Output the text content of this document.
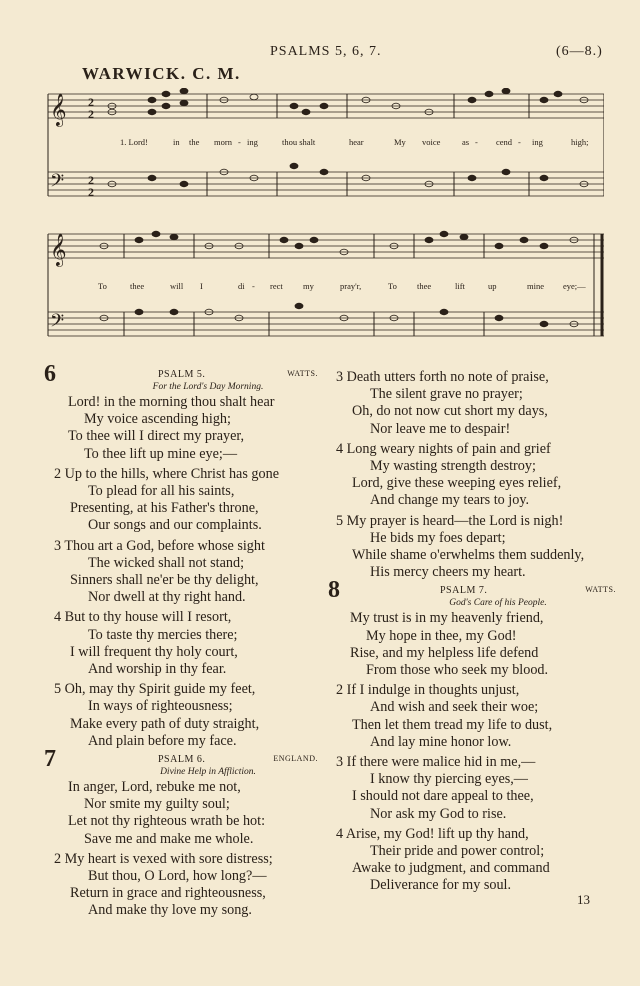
PSALMS 5, 6, 7.	(6—8.)
WARWICK. C. M.
𝄞
𝄢
2
2
2
2
1. Lord!	in the morn - ing	thou shalt	hear	My voice	as - cend - ing	high;
𝄞
𝄢
To	thee	will I	di - rect my	pray'r,	To thee	lift	up	mine eye;—
6	PSALM 5.	WATTS.
For the Lord's Day Morning.
Lord! in the morning thou shalt hear
My voice ascending high;
To thee will I direct my prayer,
To thee lift up mine eye;—
2 Up to the hills, where Christ has gone
To plead for all his saints,
Presenting, at his Father's throne,
Our songs and our complaints.
3 Thou art a God, before whose sight
The wicked shall not stand;
Sinners shall ne'er be thy delight,
Nor dwell at thy right hand.
4 But to thy house will I resort,
To taste thy mercies there;
I will frequent thy holy court,
And worship in thy fear.
5 Oh, may thy Spirit guide my feet,
In ways of righteousness;
Make every path of duty straight,
And plain before my face.
7	PSALM 6.	ENGLAND.
Divine Help in Affliction.
In anger, Lord, rebuke me not,
Nor smite my guilty soul;
Let not thy righteous wrath be hot:
Save me and make me whole.
2 My heart is vexed with sore distress;
But thou, O Lord, how long?—
Return in grace and righteousness,
And make thy love my song.
3 Death utters forth no note of praise,
The silent grave no prayer;
Oh, do not now cut short my days,
Nor leave me to despair!
4 Long weary nights of pain and grief
My wasting strength destroy;
Lord, give these weeping eyes relief,
And change my tears to joy.
5 My prayer is heard—the Lord is nigh!
He bids my foes depart;
While shame o'erwhelms them suddenly,
His mercy cheers my heart.
8	PSALM 7.	WATTS.
God's Care of his People.
My trust is in my heavenly friend,
My hope in thee, my God!
Rise, and my helpless life defend
From those who seek my blood.
2 If I indulge in thoughts unjust,
And wish and seek their woe;
Then let them tread my life to dust,
And lay mine honor low.
3 If there were malice hid in me,—
I know thy piercing eyes,—
I should not dare appeal to thee,
Nor ask my God to rise.
4 Arise, my God! lift up thy hand,
Their pride and power control;
Awake to judgment, and command
Deliverance for my soul.
13
